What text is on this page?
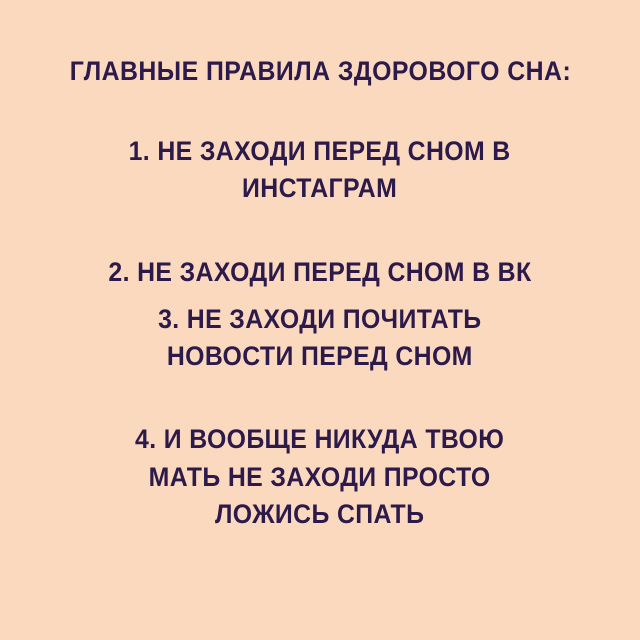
ГЛАВНЫЕ ПРАВИЛА ЗДОРОВОГО СНА:
1. НЕ ЗАХОДИ ПЕРЕД СНОМ В
ИНСТАГРАМ
2. НЕ ЗАХОДИ ПЕРЕД СНОМ В ВК
3. НЕ ЗАХОДИ ПОЧИТАТЬ
НОВОСТИ ПЕРЕД СНОМ
4. И ВООБЩЕ НИКУДА ТВОЮ
МАТЬ НЕ ЗАХОДИ ПРОСТО
ЛОЖИСЬ СПАТЬ
